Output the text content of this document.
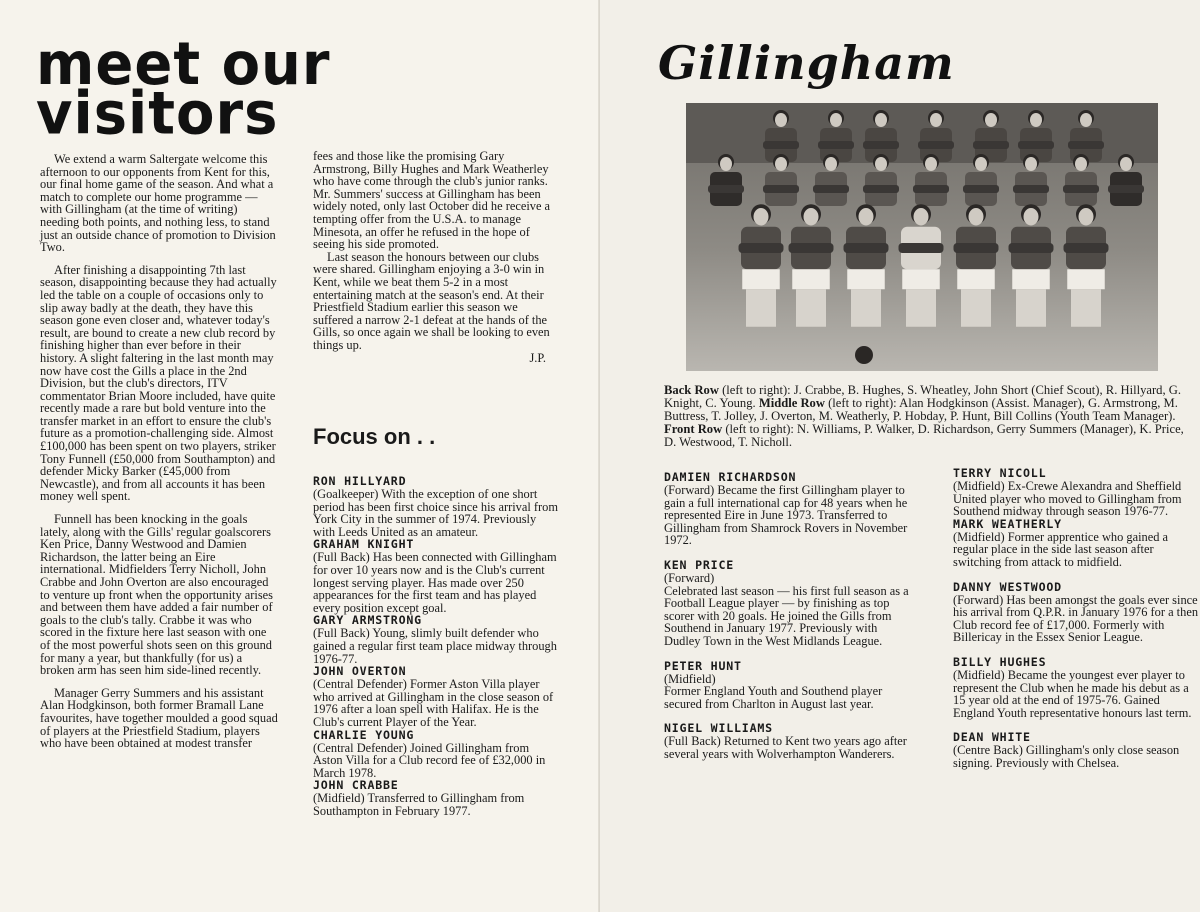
meet our
visitors

We extend a warm Saltergate welcome this afternoon to our opponents from Kent for this, our final home game of the season. And what a match to complete our home programme — with Gillingham (at the time of writing) needing both points, and nothing less, to stand just an outside chance of promotion to Division Two.

After finishing a disappointing 7th last season, disappointing because they had actually led the table on a couple of occasions only to slip away badly at the death, they have this season gone even closer and, whatever today's result, are bound to create a new club record by finishing higher than ever before in their history. A slight faltering in the last month may now have cost the Gills a place in the 2nd Division, but the club's directors, ITV commentator Brian Moore included, have quite recently made a rare but bold venture into the transfer market in an effort to ensure the club's future as a promotion-challenging side. Almost £100,000 has been spent on two players, striker Tony Funnell (£50,000 from Southampton) and defender Micky Barker (£45,000 from Newcastle), and from all accounts it has been money well spent.

Funnell has been knocking in the goals lately, along with the Gills' regular goalscorers Ken Price, Danny Westwood and Damien Richardson, the latter being an Eire international. Midfielders Terry Nicholl, John Crabbe and John Overton are also encouraged to venture up front when the opportunity arises and between them have added a fair number of goals to the club's tally. Crabbe it was who scored in the fixture here last season with one of the most powerful shots seen on this ground for many a year, but thankfully (for us) a broken arm has seen him side-lined recently.

Manager Gerry Summers and his assistant Alan Hodgkinson, both former Bramall Lane favourites, have together moulded a good squad of players at the Priestfield Stadium, players who have been obtained at modest transfer

fees and those like the promising Gary Armstrong, Billy Hughes and Mark Weatherley who have come through the club's junior ranks. Mr. Summers' success at Gillingham has been widely noted, only last October did he receive a tempting offer from the U.S.A. to manage Minesota, an offer he refused in the hope of seeing his side promoted.

Last season the honours between our clubs were shared. Gillingham enjoying a 3-0 win in Kent, while we beat them 5-2 in a most entertaining match at the season's end. At their Priestfield Stadium earlier this season we suffered a narrow 2-1 defeat at the hands of the Gills, so once again we shall be looking to even things up.

J.P.

Focus on . .

RON HILLYARD

(Goalkeeper) With the exception of one short period has been first choice since his arrival from York City in the summer of 1974. Previously with Leeds United as an amateur.

GRAHAM KNIGHT

(Full Back) Has been connected with Gillingham for over 10 years now and is the Club's current longest serving player. Has made over 250 appearances for the first team and has played every position except goal.

GARY ARMSTRONG

(Full Back) Young, slimly built defender who gained a regular first team place midway through 1976-77.

JOHN OVERTON

(Central Defender) Former Aston Villa player who arrived at Gillingham in the close season of 1976 after a loan spell with Halifax. He is the Club's current Player of the Year.

CHARLIE YOUNG

(Central Defender) Joined Gillingham from Aston Villa for a Club record fee of £32,000 in March 1978.

JOHN CRABBE

(Midfield) Transferred to Gillingham from Southampton in February 1977.

Gillingham

Back Row (left to right): J. Crabbe, B. Hughes, S. Wheatley, John Short (Chief Scout), R. Hillyard, G. Knight, C. Young. Middle Row (left to right): Alan Hodgkinson (Assist. Manager), G. Armstrong, M. Buttress, T. Jolley, J. Overton, M. Weatherly, P. Hobday, P. Hunt, Bill Collins (Youth Team Manager). Front Row (left to right): N. Williams, P. Walker, D. Richardson, Gerry Summers (Manager), K. Price, D. Westwood, T. Nicholl.

DAMIEN RICHARDSON

(Forward) Became the first Gillingham player to gain a full international cap for 48 years when he represented Eire in June 1973. Transferred to Gillingham from Shamrock Rovers in November 1972.

KEN PRICE

(Forward)
Celebrated last season — his first full season as a Football League player — by finishing as top scorer with 20 goals. He joined the Gills from Southend in January 1977. Previously with Dudley Town in the West Midlands League.

PETER HUNT

(Midfield)
Former England Youth and Southend player secured from Charlton in August last year.

NIGEL WILLIAMS

(Full Back) Returned to Kent two years ago after several years with Wolverhampton Wanderers.

TERRY NICOLL

(Midfield) Ex-Crewe Alexandra and Sheffield United player who moved to Gillingham from Southend midway through season 1976-77.

MARK WEATHERLY

(Midfield) Former apprentice who gained a regular place in the side last season after switching from attack to midfield.

DANNY WESTWOOD

(Forward) Has been amongst the goals ever since his arrival from Q.P.R. in January 1976 for a then Club record fee of £17,000. Formerly with Billericay in the Essex Senior League.

BILLY HUGHES

(Midfield) Became the youngest ever player to represent the Club when he made his debut as a 15 year old at the end of 1975-76. Gained England Youth representative honours last term.

DEAN WHITE

(Centre Back) Gillingham's only close season signing. Previously with Chelsea.
